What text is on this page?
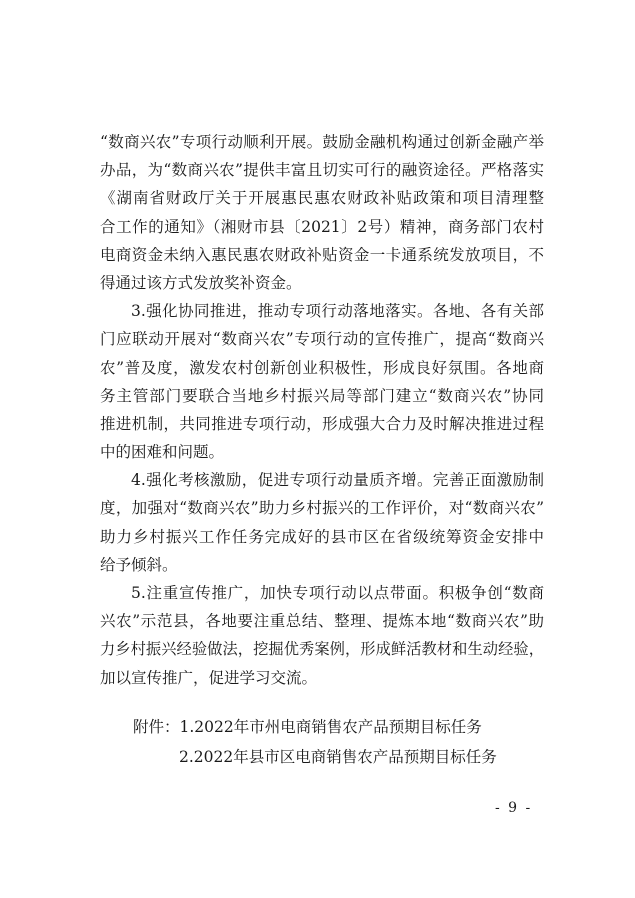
“数商兴农”专项行动顺利开展。鼓励金融机构通过创新金融产举
办品，为“数商兴农”提供丰富且切实可行的融资途径。严格落实
《湖南省财政厅关于开展惠民惠农财政补贴政策和项目清理整
合工作的通知》（湘财市县〔2021〕2号）精神，商务部门农村
电商资金未纳入惠民惠农财政补贴资金一卡通系统发放项目，不
得通过该方式发放奖补资金。
3.强化协同推进，推动专项行动落地落实。各地、各有关部
门应联动开展对“数商兴农”专项行动的宣传推广，提高“数商兴
农”普及度，激发农村创新创业积极性，形成良好氛围。各地商
务主管部门要联合当地乡村振兴局等部门建立“数商兴农”协同
推进机制，共同推进专项行动，形成强大合力及时解决推进过程
中的困难和问题。
4.强化考核激励，促进专项行动量质齐增。完善正面激励制
度，加强对“数商兴农”助力乡村振兴的工作评价，对“数商兴农”
助力乡村振兴工作任务完成好的县市区在省级统筹资金安排中
给予倾斜。
5.注重宣传推广，加快专项行动以点带面。积极争创“数商
兴农”示范县，各地要注重总结、整理、提炼本地“数商兴农”助
力乡村振兴经验做法，挖掘优秀案例，形成鲜活教材和生动经验，
加以宣传推广，促进学习交流。
附件：1.2022年市州电商销售农产品预期目标任务
2.2022年县市区电商销售农产品预期目标任务
- 9 -
